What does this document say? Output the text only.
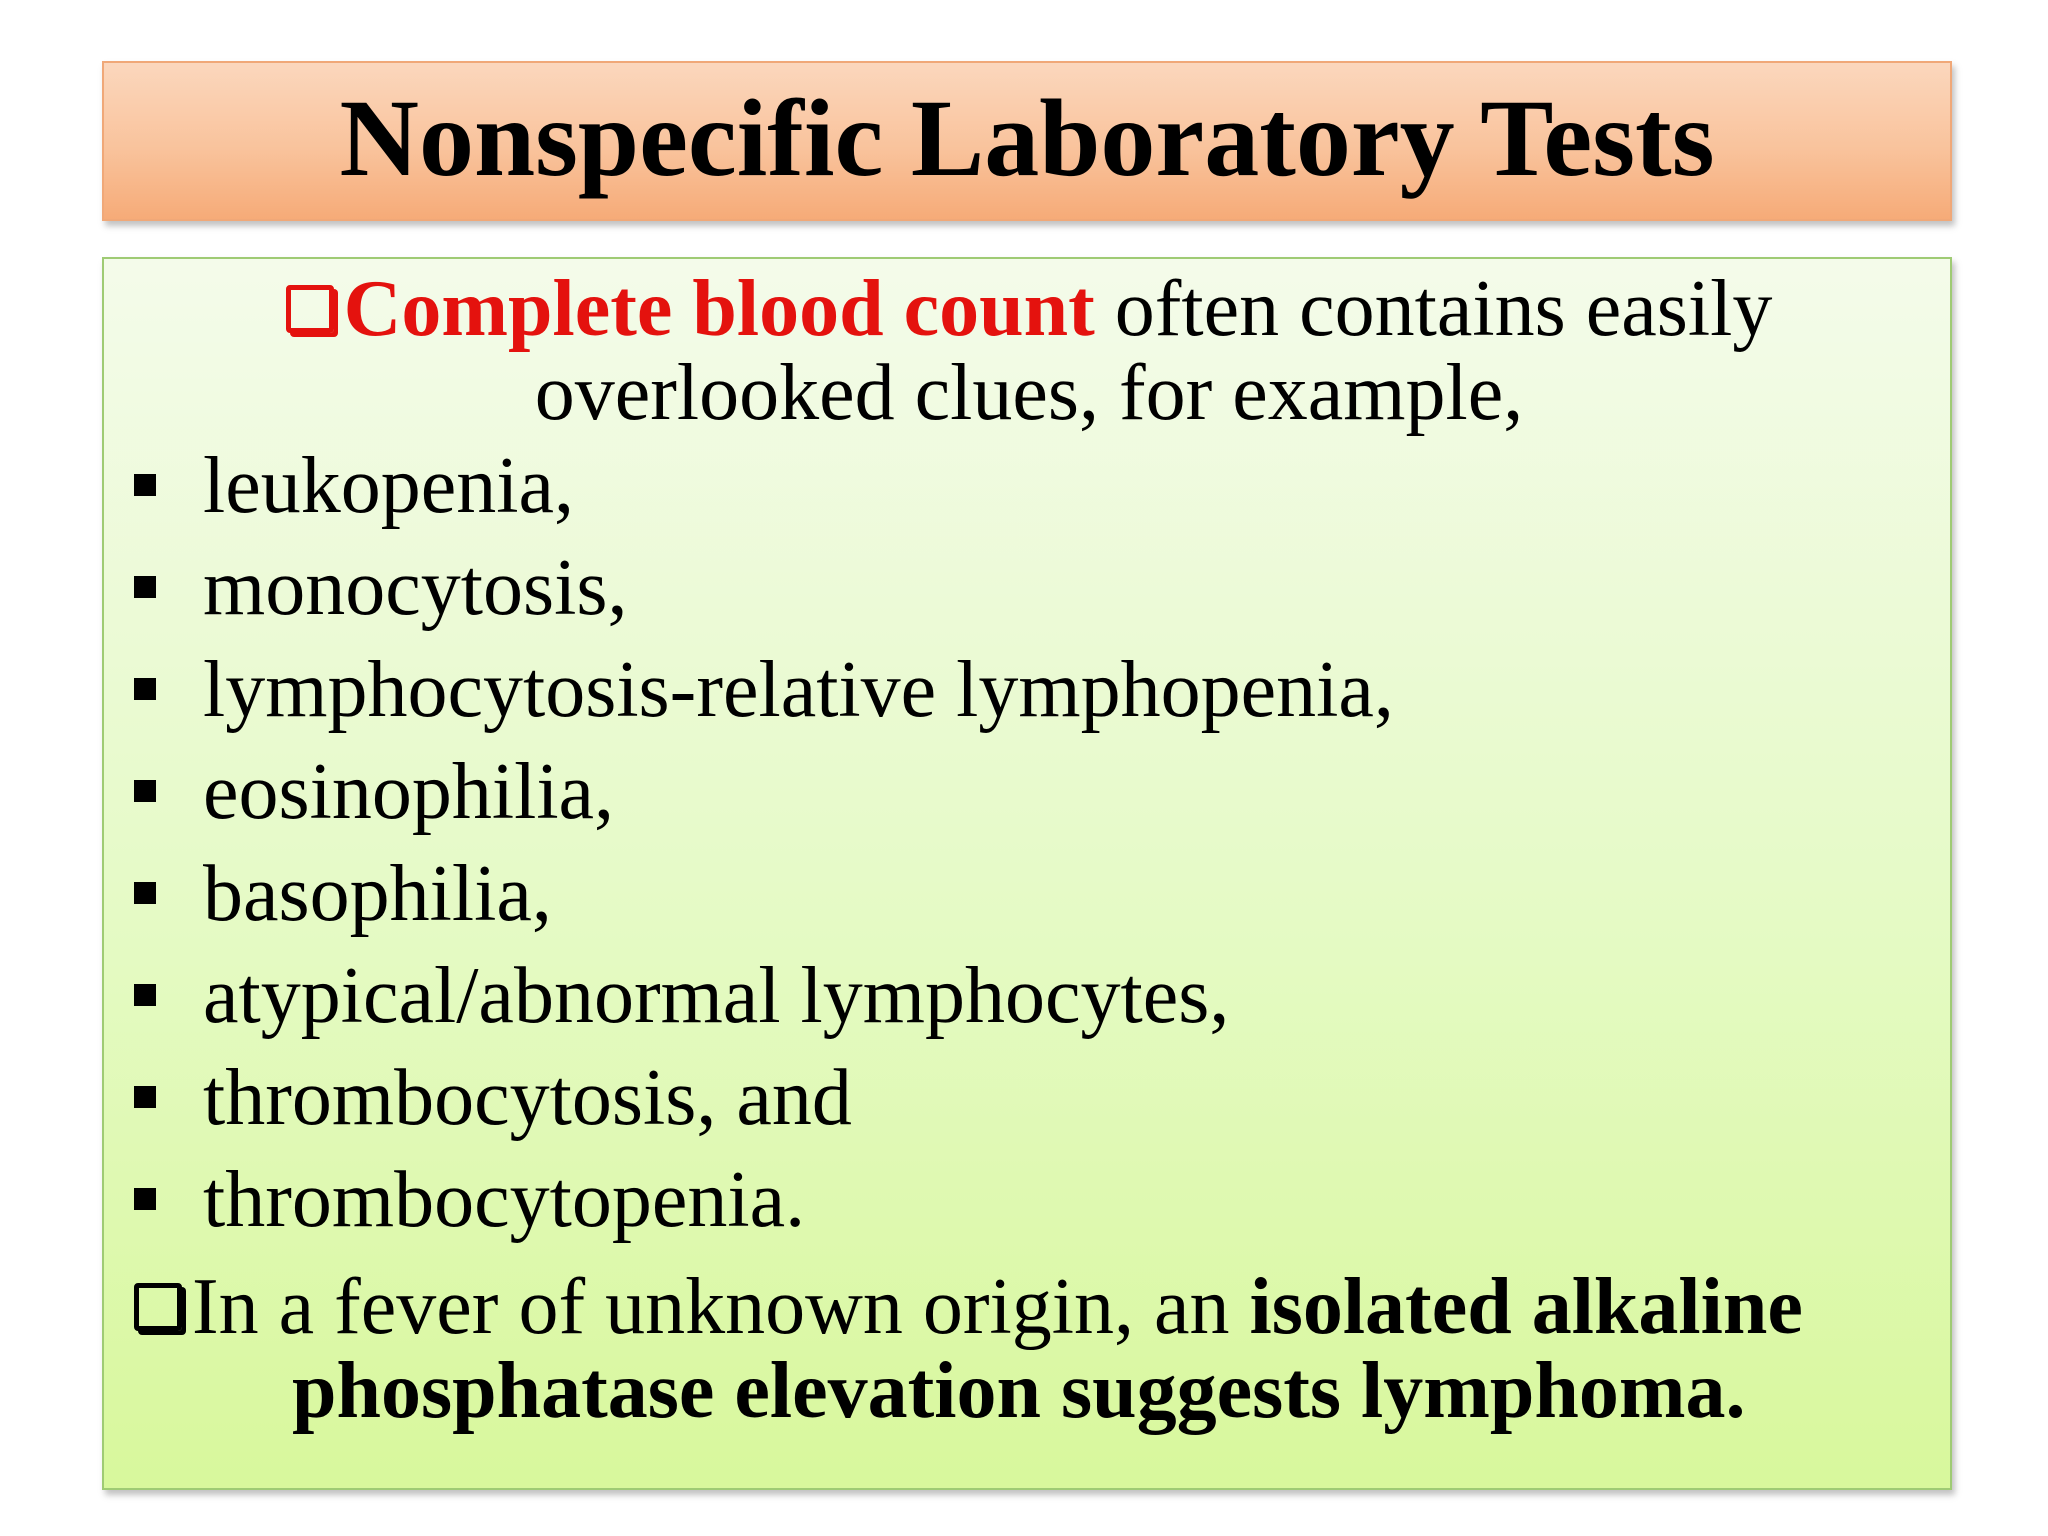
Nonspecific Laboratory Tests
Complete blood count often contains easily
overlooked clues, for example,
leukopenia,
monocytosis,
lymphocytosis-relative lymphopenia,
eosinophilia,
basophilia,
atypical/abnormal lymphocytes,
thrombocytosis, and
thrombocytopenia.
In a fever of unknown origin, an isolated alkaline
phosphatase elevation suggests lymphoma.
